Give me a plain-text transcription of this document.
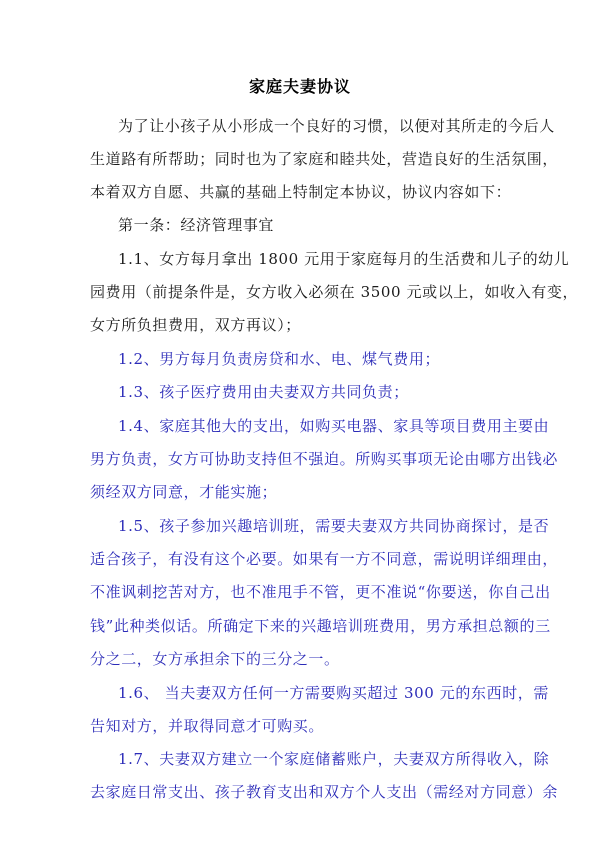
家庭夫妻协议
为了让小孩子从小形成一个良好的习惯，以便对其所走的今后人
生道路有所帮助；同时也为了家庭和睦共处，营造良好的生活氛围，
本着双方自愿、共赢的基础上特制定本协议，协议内容如下：
第一条：经济管理事宜
1.1、女方每月拿出 1800 元用于家庭每月的生活费和儿子的幼儿
园费用（前提条件是，女方收入必须在 3500 元或以上，如收入有变，
女方所负担费用，双方再议）；
1.2、男方每月负责房贷和水、电、煤气费用；
1.3、孩子医疗费用由夫妻双方共同负责；
1.4、家庭其他大的支出，如购买电器、家具等项目费用主要由
男方负责，女方可协助支持但不强迫。所购买事项无论由哪方出钱必
须经双方同意，才能实施；
1.5、孩子参加兴趣培训班，需要夫妻双方共同协商探讨，是否
适合孩子，有没有这个必要。如果有一方不同意，需说明详细理由，
不准讽刺挖苦对方，也不准甩手不管，更不准说“你要送，你自己出
钱”此种类似话。所确定下来的兴趣培训班费用，男方承担总额的三
分之二，女方承担余下的三分之一。
1.6、 当夫妻双方任何一方需要购买超过 300 元的东西时，需
告知对方，并取得同意才可购买。
1.7、夫妻双方建立一个家庭储蓄账户，夫妻双方所得收入，除
去家庭日常支出、孩子教育支出和双方个人支出（需经对方同意）余
